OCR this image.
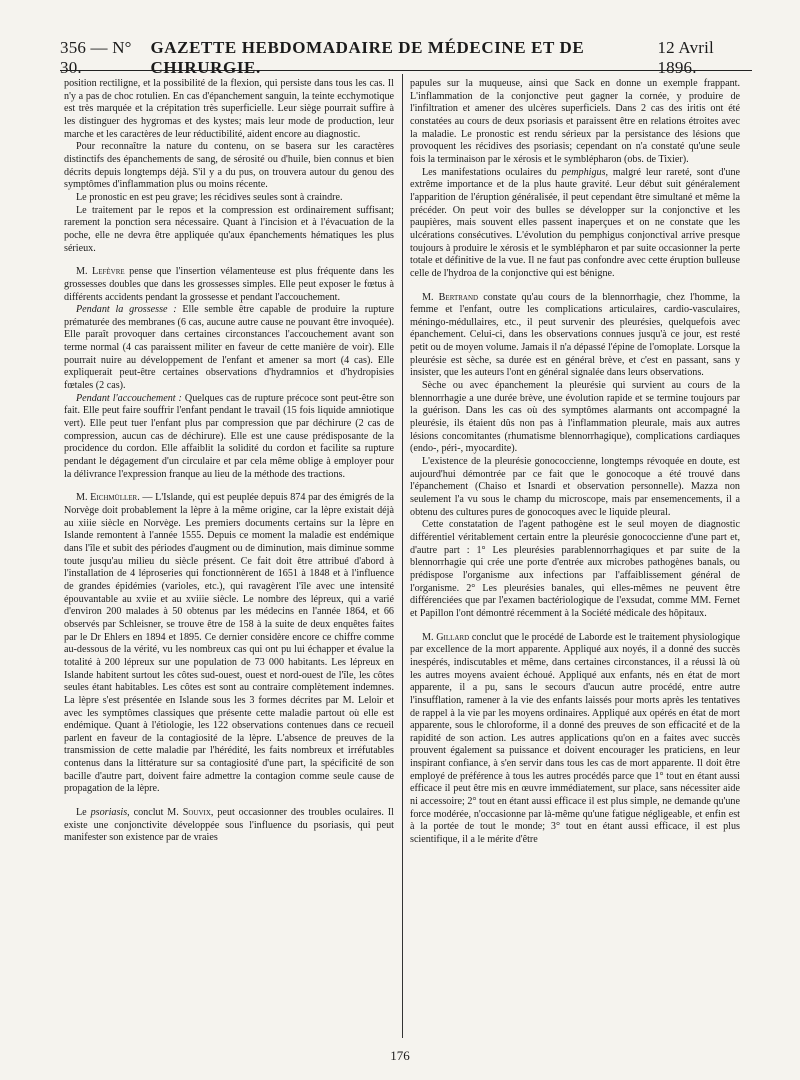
356 — N° 30.
GAZETTE HEBDOMADAIRE DE MÉDECINE ET DE CHIRURGIE.
12 Avril 1896.

position rectiligne, et la possibilité de la flexion, qui persiste dans tous les cas. Il n'y a pas de choc rotulien. En cas d'épanchement sanguin, la teinte ecchymotique est très marquée et la crépitation très superficielle. Leur siège pourrait suffire à les distinguer des hygromas et des kystes; mais leur mode de production, leur marche et les caractères de leur réductibilité, aident encore au diagnostic.

Pour reconnaître la nature du contenu, on se basera sur les caractères distinctifs des épanchements de sang, de sérosité ou d'huile, bien connus et bien décrits depuis longtemps déjà. S'il y a du pus, on trouvera autour du genou des symptômes d'inflammation plus ou moins récente.

Le pronostic en est peu grave; les récidives seules sont à craindre.

Le traitement par le repos et la compression est ordinairement suffisant; rarement la ponction sera nécessaire. Quant à l'incision et à l'évacuation de la poche, elle ne devra être appliquée qu'aux épanchements hématiques les plus sérieux.

M. Lefèvre pense que l'insertion vélamenteuse est plus fréquente dans les grossesses doubles que dans les grossesses simples. Elle peut exposer le fœtus à différents accidents pendant la grossesse et pendant l'accouchement.

Pendant la grossesse : Elle semble être capable de produire la rupture prématurée des membranes (6 cas, aucune autre cause ne pouvant être invoquée). Elle paraît provoquer dans certaines circonstances l'accouchement avant son terme normal (4 cas paraissent militer en faveur de cette manière de voir). Elle pourrait nuire au développement de l'enfant et amener sa mort (4 cas). Elle expliquerait peut-être certaines observations d'hydramnios et d'hydropisies fœtales (2 cas).

Pendant l'accouchement : Quelques cas de rupture précoce sont peut-être son fait. Elle peut faire souffrir l'enfant pendant le travail (15 fois liquide amniotique vert). Elle peut tuer l'enfant plus par compression que par déchirure (2 cas de compression, aucun cas de déchirure). Elle est une cause prédisposante de la procidence du cordon. Elle affaiblit la solidité du cordon et facilite sa rupture pendant le dégagement d'un circulaire et par cela même oblige à employer pour la délivrance l'expression franque au lieu de la méthode des tractions.

M. Eichmüller. — L'Islande, qui est peuplée depuis 874 par des émigrés de la Norvège doit probablement la lèpre à la même origine, car la lèpre existait déjà au xiiie siècle en Norvège. Les premiers documents certains sur la lèpre en Islande remontent à l'année 1555. Depuis ce moment la maladie est endémique dans l'île et subit des périodes d'augment ou de diminution, mais diminue somme toute jusqu'au milieu du siècle présent. Ce fait doit être attribué d'abord à l'installation de 4 léproseries qui fonctionnèrent de 1651 à 1848 et à l'influence de grandes épidémies (varioles, etc.), qui ravagèrent l'île avec une intensité épouvantable au xviie et au xviiie siècle. Le nombre des lépreux, qui a varié d'environ 200 malades à 50 obtenus par les médecins en l'année 1864, et 66 observés par Schleisner, se trouve être de 158 à la suite de deux enquêtes faites par le Dr Ehlers en 1894 et 1895. Ce dernier considère encore ce chiffre comme au-dessous de la vérité, vu les nombreux cas qui ont pu lui échapper et évalue la totalité à 200 lépreux sur une population de 73 000 habitants. Les lépreux en Islande habitent surtout les côtes sud-ouest, ouest et nord-ouest de l'île, les côtes seules étant habitables. Les côtes est sont au contraire complètement indemnes. La lèpre s'est présentée en Islande sous les 3 formes décrites par M. Leloir et avec les symptômes classiques que présente cette maladie partout où elle est endémique. Quant à l'étiologie, les 122 observations contenues dans ce recueil parlent en faveur de la contagiosité de la lèpre. L'absence de preuves de la transmission de cette maladie par l'hérédité, les faits nombreux et irréfutables contenus dans la littérature sur sa contagiosité d'une part, la spécificité de son bacille d'autre part, doivent faire admettre la contagion comme seule cause de propagation de la lèpre.

Le psoriasis, conclut M. Souvix, peut occasionner des troubles oculaires. Il existe une conjonctivite développée sous l'influence du psoriasis, qui peut manifester son existence par de vraies

papules sur la muqueuse, ainsi que Sack en donne un exemple frappant. L'inflammation de la conjonctive peut gagner la cornée, y produire de l'infiltration et amener des ulcères superficiels. Dans 2 cas des iritis ont été constatées au cours de deux psoriasis et paraissent être en relations étroites avec la maladie. Le pronostic est rendu sérieux par la persistance des lésions que provoquent les récidives des psoriasis; cependant on n'a constaté qu'une seule fois la terminaison par le xérosis et le symblépharon (obs. de Tixier).

Les manifestations oculaires du pemphigus, malgré leur rareté, sont d'une extrême importance et de la plus haute gravité. Leur début suit généralement l'apparition de l'éruption généralisée, il peut cependant être simultané et même la précéder. On peut voir des bulles se développer sur la conjonctive et les paupières, mais souvent elles passent inaperçues et on ne constate que les ulcérations consécutives. L'évolution du pemphigus conjonctival arrive presque toujours à produire le xérosis et le symblépharon et par suite occasionner la perte totale et définitive de la vue. Il ne faut pas confondre avec cette éruption bulleuse celle de l'hydroa de la conjonctive qui est bénigne.

M. Bertrand constate qu'au cours de la blennorrhagie, chez l'homme, la femme et l'enfant, outre les complications articulaires, cardio-vasculaires, méningo-médullaires, etc., il peut survenir des pleurésies, quelquefois avec épanchement. Celui-ci, dans les observations connues jusqu'à ce jour, est resté petit ou de moyen volume. Jamais il n'a dépassé l'épine de l'omoplate. Lorsque la pleurésie est sèche, sa durée est en général brève, et c'est en passant, sans y insister, que les auteurs l'ont en général signalée dans leurs observations.

Sèche ou avec épanchement la pleurésie qui survient au cours de la blennorrhagie a une durée brève, une évolution rapide et se termine toujours par la guérison. Dans les cas où des symptômes alarmants ont accompagné la pleurésie, ils étaient dûs non pas à l'inflammation pleurale, mais aux autres lésions concomitantes (rhumatisme blennorrhagique), complications cardiaques (endo-, péri-, myocardite).

L'existence de la pleurésie gonococcienne, longtemps révoquée en doute, est aujourd'hui démontrée par ce fait que le gonocoque a été trouvé dans l'épanchement (Chaiso et Isnardi et observation personnelle). Mazza non seulement l'a vu sous le champ du microscope, mais par ensemencements, il a obtenu des cultures pures de gonocoques avec le liquide pleural.

Cette constatation de l'agent pathogène est le seul moyen de diagnostic différentiel véritablement certain entre la pleurésie gonococcienne d'une part et, d'autre part : 1° Les pleurésies parablennorrhagiques et par suite de la blennorrhagie qui crée une porte d'entrée aux microbes pathogènes banals, ou prédispose l'organisme aux infections par l'affaiblissement général de l'organisme. 2° Les pleurésies banales, qui elles-mêmes ne peuvent être différenciées que par l'examen bactériologique de l'exsudat, comme MM. Fernet et Papillon l'ont démontré récemment à la Société médicale des hôpitaux.

M. Gillard conclut que le procédé de Laborde est le traitement physiologique par excellence de la mort apparente. Appliqué aux noyés, il a donné des succès inespérés, indiscutables et même, dans certaines circonstances, il a réussi là où les autres moyens avaient échoué. Appliqué aux enfants, nés en état de mort apparente, il a pu, sans le secours d'aucun autre procédé, entre autre l'insufflation, ramener à la vie des enfants laissés pour morts après les tentatives de rappel à la vie par les moyens ordinaires. Appliqué aux opérés en état de mort apparente, sous le chloroforme, il a donné des preuves de son efficacité et de la rapidité de son action. Les autres applications qu'on en a faites avec succès prouvent également sa puissance et doivent encourager les praticiens, en leur inspirant confiance, à s'en servir dans tous les cas de mort apparente. Il doit être employé de préférence à tous les autres procédés parce que 1° tout en étant aussi efficace il peut être mis en œuvre immédiatement, sur place, sans nécessiter aide ni accessoire; 2° tout en étant aussi efficace il est plus simple, ne demande qu'une force modérée, n'occasionne par là-même qu'une fatigue négligeable, et enfin est à la portée de tout le monde; 3° tout en étant aussi efficace, il est plus scientifique, il a le mérite d'être

176
